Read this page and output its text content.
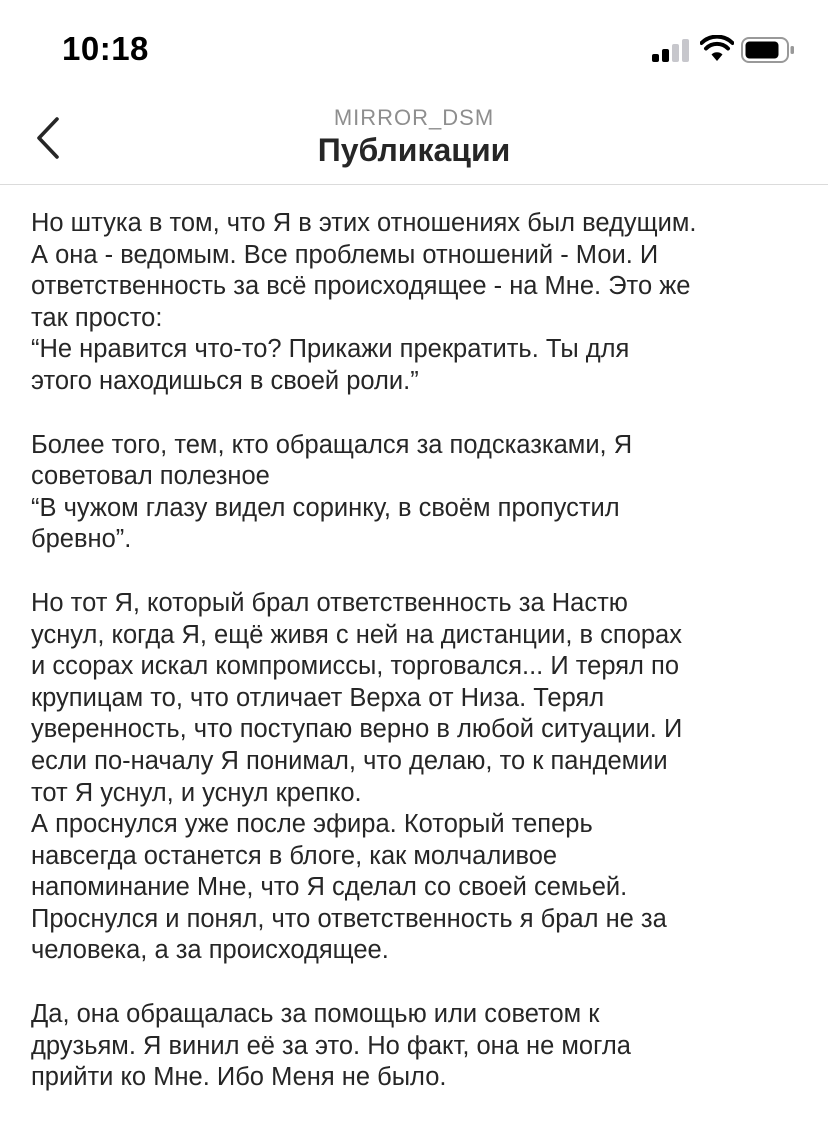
10:18
MIRROR_DSM
Публикации

Но штука в том, что Я в этих отношениях был ведущим.
А она - ведомым. Все проблемы отношений - Мои. И
ответственность за всё происходящее - на Мне. Это же
так просто:

“Не нравится что-то? Прикажи прекратить. Ты для
этого находишься в своей роли.”

Более того, тем, кто обращался за подсказками, Я
советовал полезное

“В чужом глазу видел соринку, в своём пропустил
бревно”.

Но тот Я, который брал ответственность за Настю
уснул, когда Я, ещё живя с ней на дистанции, в спорах
и ссорах искал компромиссы, торговался... И терял по
крупицам то, что отличает Верха от Низа. Терял
уверенность, что поступаю верно в любой ситуации. И
если по-началу Я понимал, что делаю, то к пандемии
тот Я уснул, и уснул крепко.

А проснулся уже после эфира. Который теперь
навсегда останется в блоге, как молчаливое
напоминание Мне, что Я сделал со своей семьей.

Проснулся и понял, что ответственность я брал не за
человека, а за происходящее.

Да, она обращалась за помощью или советом к
друзьям. Я винил её за это. Но факт, она не могла
прийти ко Мне. Ибо Меня не было.
